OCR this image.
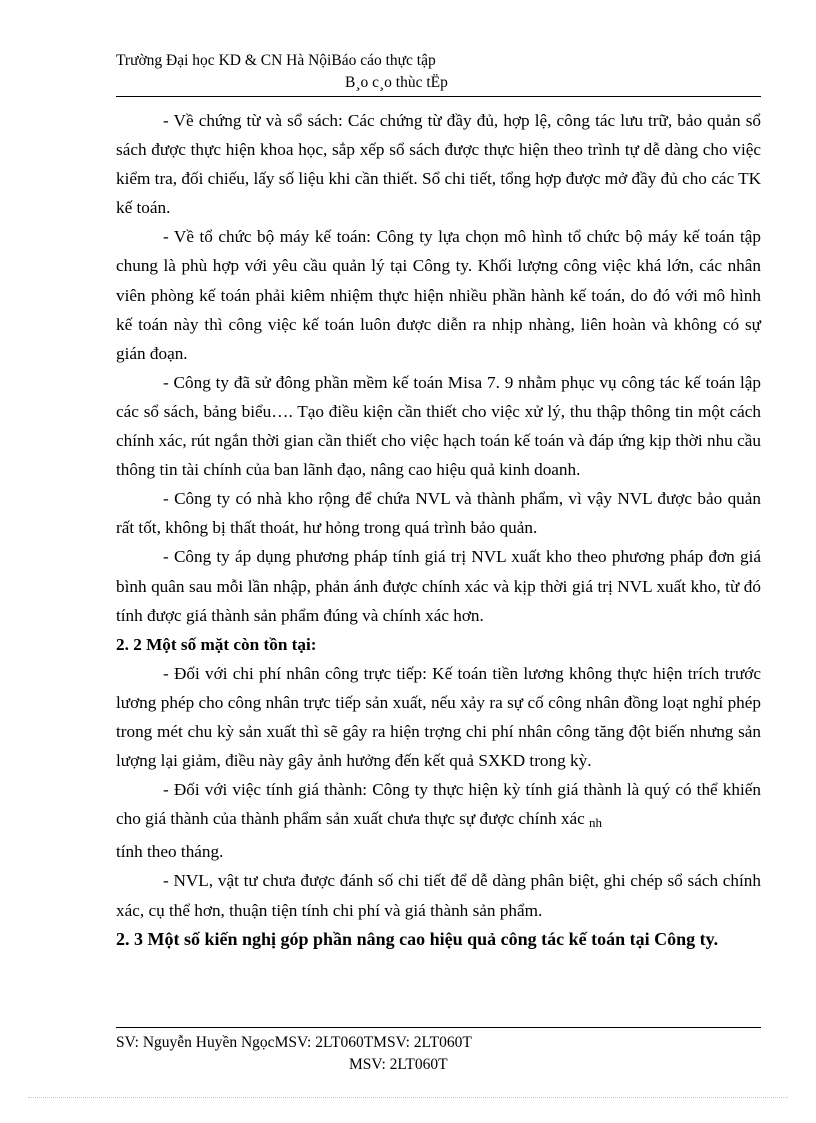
Trường Đại học KD & CN Hà NộiBáo cáo thực tập
B¸o c¸o thùc tËp

- Về chứng từ và sổ sách: Các chứng từ đầy đủ, hợp lệ, công tác lưu trữ, bảo quản sổ sách được thực hiện khoa học, sắp xếp sổ sách được thực hiện theo trình tự dễ dàng cho việc kiểm tra, đối chiếu, lấy số liệu khi cần thiết. Sổ chi tiết, tổng hợp được mở đầy đủ cho các TK kế toán.

- Về tổ chức bộ máy kế toán: Công ty lựa chọn mô hình tổ chức bộ máy kế toán tập chung là phù hợp với yêu cầu quản lý tại Công ty. Khối lượng công việc khá lớn, các nhân viên phòng kế toán phải kiêm nhiệm thực hiện nhiều phần hành kế toán, do đó với mô hình kế toán này thì công việc kế toán luôn được diễn ra nhịp nhàng, liên hoàn và không có sự gián đoạn.

- Công ty đã sử đông phần mềm kế toán Misa 7. 9 nhằm phục vụ công tác kế toán lập các sổ sách, bảng biểu…. Tạo điều kiện cần thiết cho việc xử lý, thu thập thông tin một cách chính xác, rút ngắn thời gian cần thiết cho việc hạch toán kế toán và đáp ứng kịp thời nhu cầu thông tin tài chính của ban lãnh đạo, nâng cao hiệu quả kinh doanh.

- Công ty có nhà kho rộng để chứa NVL và thành phẩm, vì vậy NVL được bảo quản rất tốt, không bị thất thoát, hư hỏng trong quá trình bảo quản.

- Công ty áp dụng phương pháp tính giá trị NVL xuất kho theo phương pháp đơn giá bình quân sau mỗi lần nhập, phản ánh được chính xác và kịp thời giá trị NVL xuất kho, từ đó tính được giá thành sản phẩm đúng và chính xác hơn.

2. 2 Một số mặt còn tồn tại:

- Đối với chi phí nhân công trực tiếp: Kế toán tiền lương không thực hiện trích trước lương phép cho công nhân trực tiếp sản xuất, nếu xảy ra sự cố công nhân đồng loạt nghỉ phép trong mét chu kỳ sản xuất thì sẽ gây ra hiện trợng chi phí nhân công tăng đột biến nhưng sản lượng lại giảm, điều này gây ảnh hưởng đến kết quả SXKD trong kỳ.

- Đối với việc tính giá thành: Công ty thực hiện kỳ tính giá thành là quý có thể khiến cho giá thành của thành phẩm sản xuất chưa thực sự được chính xác $_{nh}$
tính theo tháng.

- NVL, vật tư chưa được đánh số chi tiết để dễ dàng phân biệt, ghi chép sổ sách chính xác, cụ thể hơn, thuận tiện tính chi phí và giá thành sản phẩm.

2. 3 Một số kiến nghị góp phần nâng cao hiệu quả công tác kế toán tại Công ty.
SV: Nguyễn Huyền NgọcMSV: 2LT060TMSV: 2LT060T
MSV: 2LT060T
